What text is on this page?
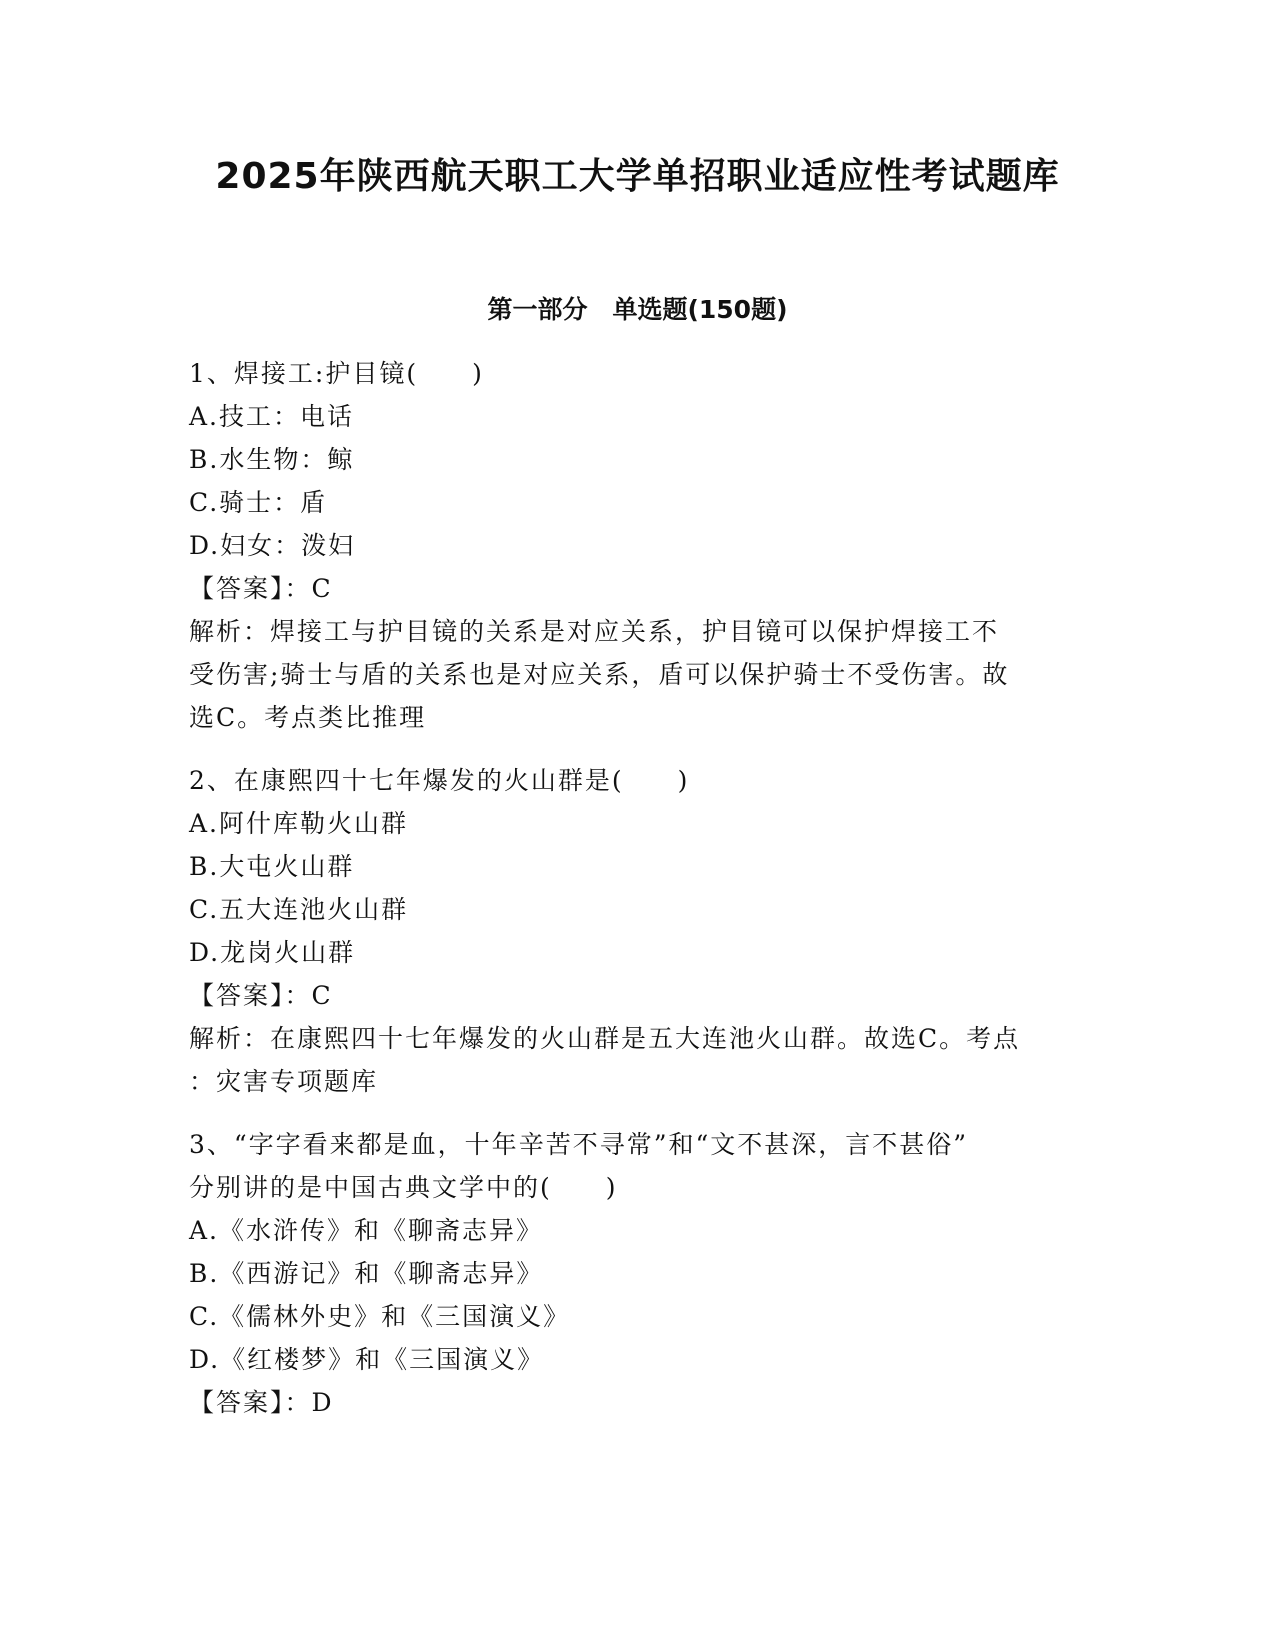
2025年陕西航天职工大学单招职业适应性考试题库
第一部分　单选题(150题)
1、焊接工:护目镜(　　)
A.技工：电话
B.水生物：鲸
C.骑士：盾
D.妇女：泼妇
【答案】：C
解析：焊接工与护目镜的关系是对应关系，护目镜可以保护焊接工不
受伤害;骑士与盾的关系也是对应关系，盾可以保护骑士不受伤害。故
选C。考点类比推理
2、在康熙四十七年爆发的火山群是(　　)
A.阿什库勒火山群
B.大屯火山群
C.五大连池火山群
D.龙岗火山群
【答案】：C
解析：在康熙四十七年爆发的火山群是五大连池火山群。故选C。考点
：灾害专项题库
3、“字字看来都是血，十年辛苦不寻常”和“文不甚深，言不甚俗”
分别讲的是中国古典文学中的(　　)
A.《水浒传》和《聊斋志异》
B.《西游记》和《聊斋志异》
C.《儒林外史》和《三国演义》
D.《红楼梦》和《三国演义》
【答案】：D
